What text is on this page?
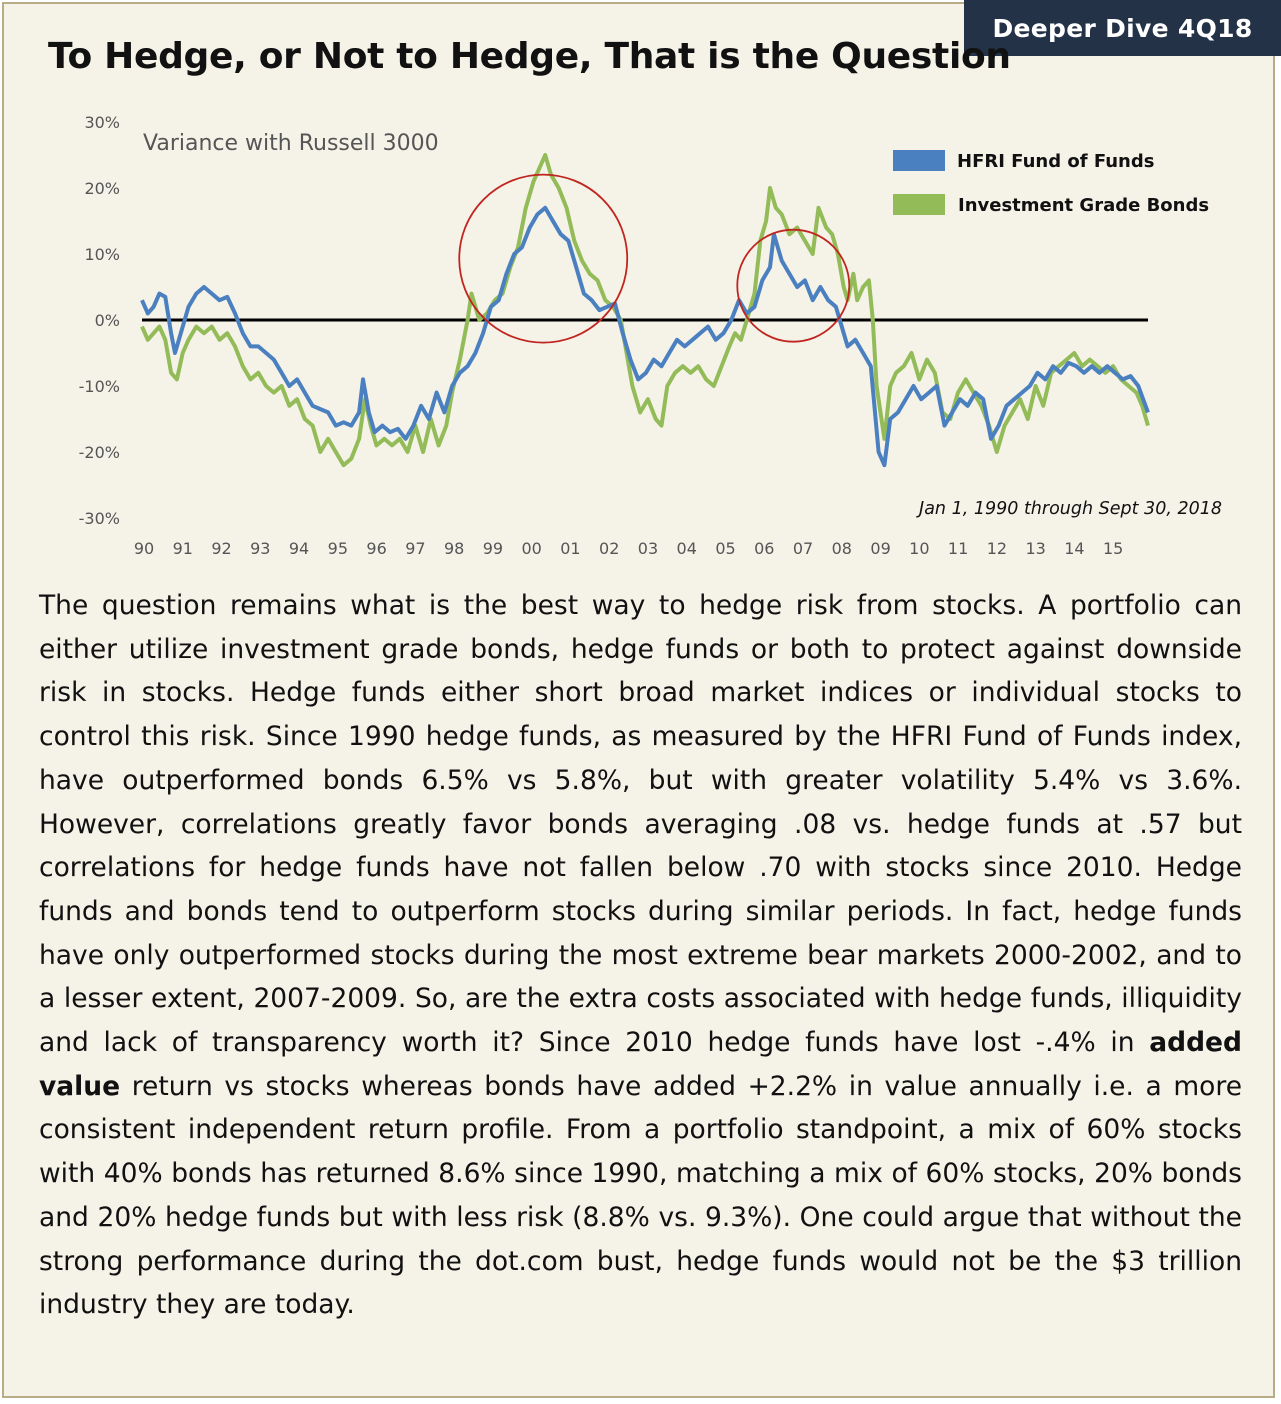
Deeper Dive 4Q18
To Hedge, or Not to Hedge, That is the Question
30%
20%
10%
0%
-10%
-20%
-30%
90 91 92 93 94 95 96 97 98 99 00 01 02 03 04 05 06 07 08 09 10 11 12 13 14 15
Variance with Russell 3000
Jan 1, 1990 through Sept 30, 2018
HFRI Fund of Funds
Investment Grade Bonds
The question remains what is the best way to hedge risk from stocks. A portfolio can either utilize investment grade bonds, hedge funds or both to protect against downside risk in stocks. Hedge funds either short broad market indices or individual stocks to control this risk. Since 1990 hedge funds, as measured by the HFRI Fund of Funds index, have outperformed bonds 6.5% vs 5.8%, but with greater volatility 5.4% vs 3.6%. However, correlations greatly favor bonds averaging .08 vs. hedge funds at .57 but correlations for hedge funds have not fallen below .70 with stocks since 2010. Hedge funds and bonds tend to outperform stocks during similar periods. In fact, hedge funds have only outperformed stocks during the most extreme bear markets 2000-2002, and to a lesser extent, 2007-2009. So, are the extra costs associated with hedge funds, illiquidity and lack of transparency worth it? Since 2010 hedge funds have lost -.4% in added value return vs stocks whereas bonds have added +2.2% in value annually i.e. a more consistent independent return profile. From a portfolio standpoint, a mix of 60% stocks with 40% bonds has returned 8.6% since 1990, matching a mix of 60% stocks, 20% bonds and 20% hedge funds but with less risk (8.8% vs. 9.3%). One could argue that without the strong performance during the dot.com bust, hedge funds would not be the $3 trillion industry they are today.
